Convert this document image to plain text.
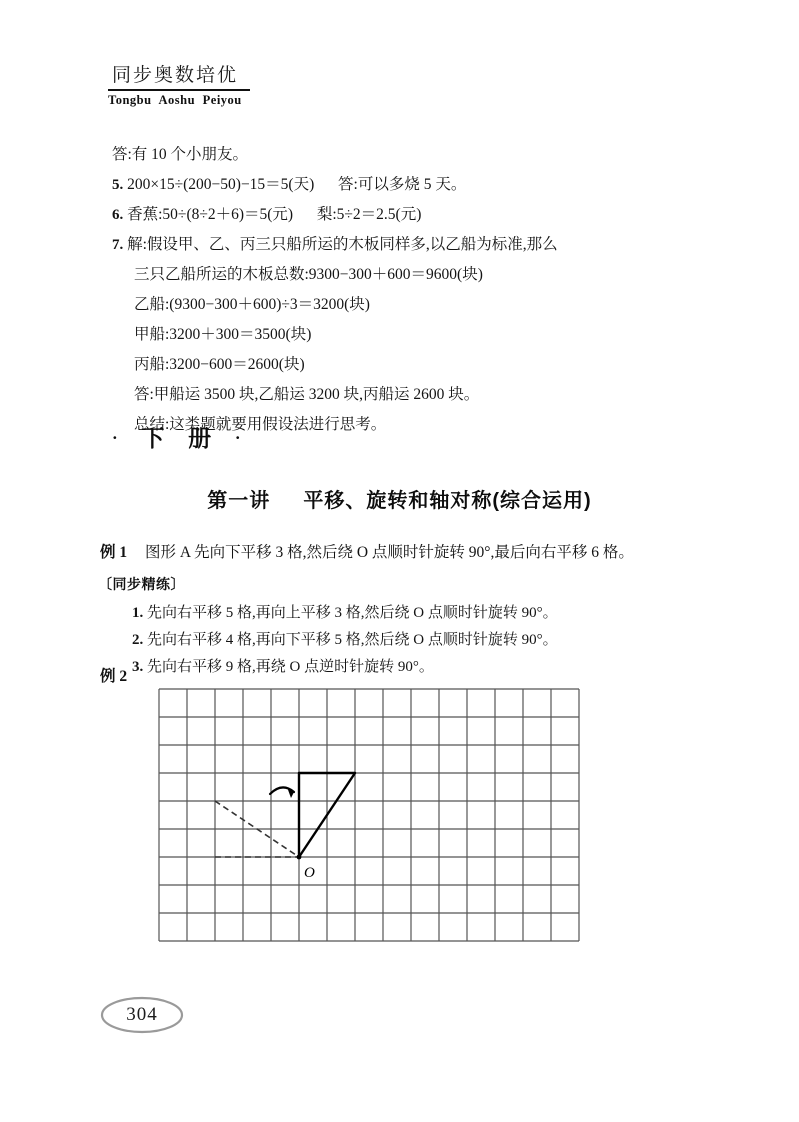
同步奥数培优
Tongbu Aoshu Peiyou
答:有 10 个小朋友。
5. 200×15÷(200−50)−15＝5(天) 答:可以多烧 5 天。
6. 香蕉:50÷(8÷2＋6)＝5(元) 梨:5÷2＝2.5(元)
7. 解:假设甲、乙、丙三只船所运的木板同样多,以乙船为标准,那么
三只乙船所运的木板总数:9300−300＋600＝9600(块)
乙船:(9300−300＋600)÷3＝3200(块)
甲船:3200＋300＝3500(块)
丙船:3200−600＝2600(块)
答:甲船运 3500 块,乙船运 3200 块,丙船运 2600 块。
总结:这类题就要用假设法进行思考。
· 下 册 ·
第一讲 平移、旋转和轴对称(综合运用)
例 1 图形 A 先向下平移 3 格,然后绕 O 点顺时针旋转 90°,最后向右平移 6 格。
〔同步精练〕
1. 先向右平移 5 格,再向上平移 3 格,然后绕 O 点顺时针旋转 90°。
2. 先向右平移 4 格,再向下平移 5 格,然后绕 O 点顺时针旋转 90°。
3. 先向右平移 9 格,再绕 O 点逆时针旋转 90°。
例 2
O
304
